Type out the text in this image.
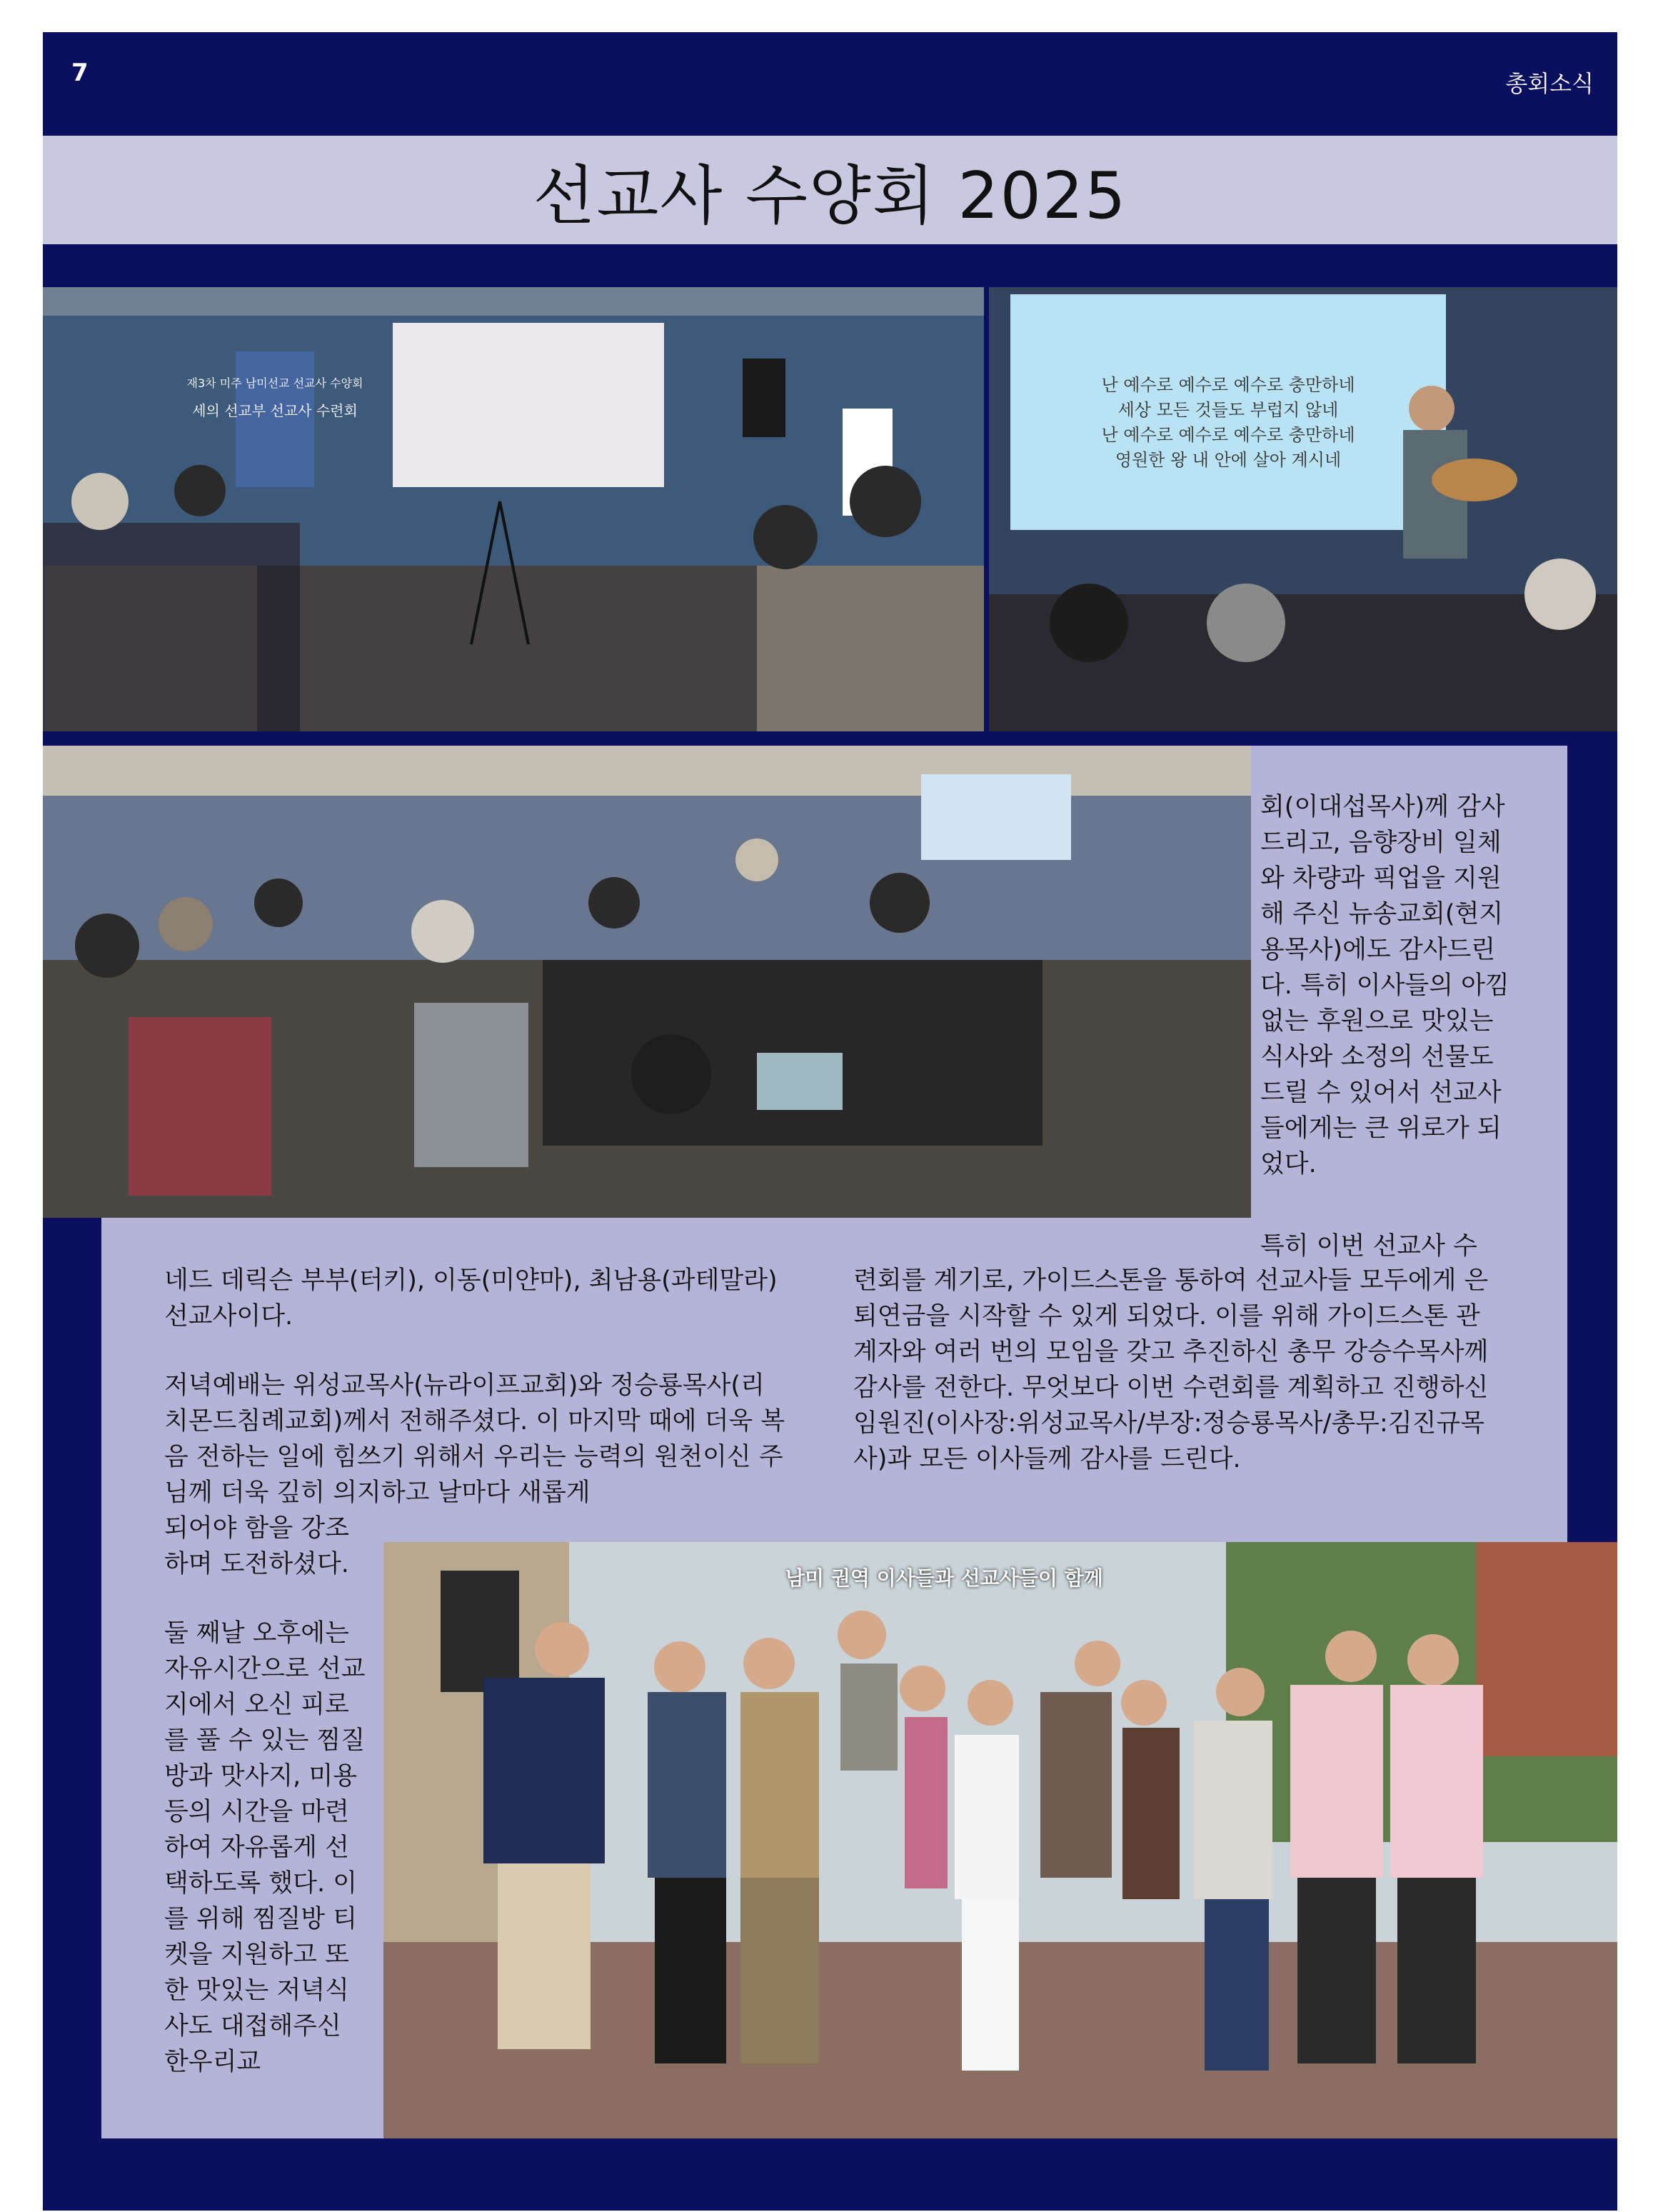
7	총회소식
선교사 수양회 2025
재3차 미주 남미선교 선교사 수양회
세의 선교부 선교사 수련회
난 예수로 예수로 예수로 충만하네
세상 모든 것들도 부럽지 않네
난 예수로 예수로 예수로 충만하네
영원한 왕 내 안에 살아 계시네

회(이대섭목사)께 감사드리고, 음향장비 일체와 차량과 픽업을 지원해 주신 뉴송교회(현지용목사)에도 감사드린다. 특히 이사들의 아낌없는 후원으로 맛있는 식사와 소정의 선물도 드릴 수 있어서 선교사들에게는 큰 위로가 되었다.

특히 이번 선교사 수

네드 데릭슨 부부(터키), 이동(미얀마), 최남용(과테말라) 선교사이다.

저녁예배는 위성교목사(뉴라이프교회)와 정승룡목사(리치몬드침례교회)께서 전해주셨다. 이 마지막 때에 더욱 복음 전하는 일에 힘쓰기 위해서 우리는 능력의 원천이신 주님께 더욱 깊히 의지하고 날마다 새롭게

되어야 함을 강조하며 도전하셨다.

련회를 계기로, 가이드스톤을 통하여 선교사들 모두에게 은퇴연금을 시작할 수 있게 되었다. 이를 위해 가이드스톤 관계자와 여러 번의 모임을 갖고 추진하신 총무 강승수목사께 감사를 전한다. 무엇보다 이번 수련회를 계획하고 진행하신 임원진(이사장:위성교목사/부장:정승룡목사/총무:김진규목사)과 모든 이사들께 감사를 드린다.

둘 째날 오후에는 자유시간으로 선교지에서 오신 피로를 풀 수 있는 찜질방과 맛사지, 미용 등의 시간을 마련하여 자유롭게 선택하도록 했다. 이를 위해 찜질방 티켓을 지원하고 또한 맛있는 저녁식사도 대접해주신 한우리교

남미 권역 이사들과 선교사들이 함께
